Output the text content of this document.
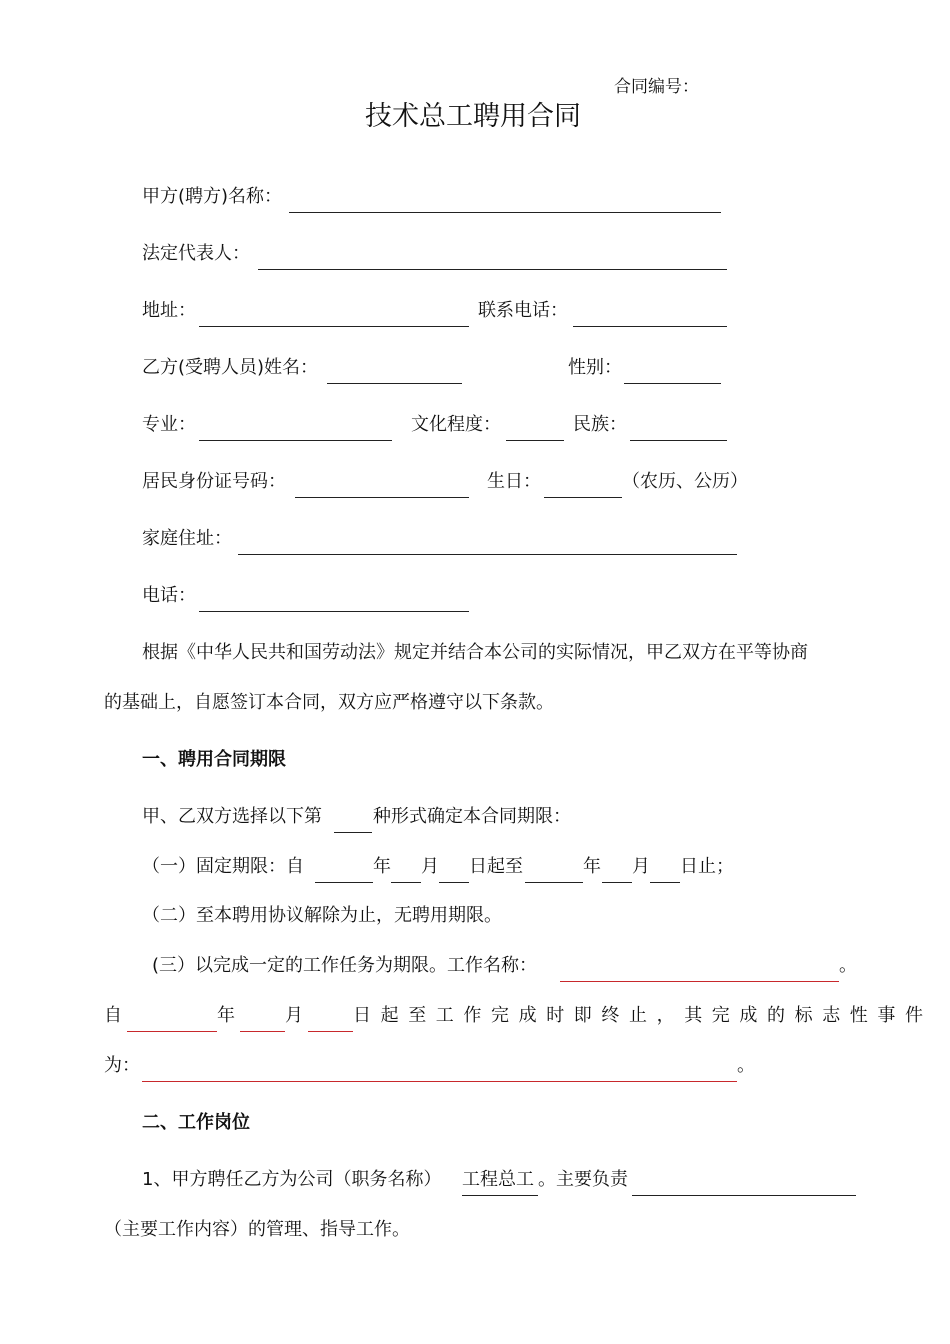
合同编号：
技术总工聘用合同
甲方(聘方)名称：
法定代表人：
地址：	联系电话：
乙方(受聘人员)姓名：	性别：
专业：	文化程度：	民族：
居民身份证号码：	生日：	（农历、公历）
家庭住址：
电话：
根据《中华人民共和国劳动法》规定并结合本公司的实际情况，甲乙双方在平等协商
的基础上，自愿签订本合同，双方应严格遵守以下条款。
一、聘用合同期限
甲、乙双方选择以下第	种形式确定本合同期限：
（一）固定期限：自	年 月 日起至	年 月 日止；
（二）至本聘用协议解除为止，无聘用期限。
(三）以完成一定的工作任务为期限。工作名称：	。
自	年	月	日起至工作完成时即终止，其完成的标志性事件
为：	。
二、工作岗位
1、甲方聘任乙方为公司（职务名称） 工程总工 。主要负责
（主要工作内容）的管理、指导工作。
